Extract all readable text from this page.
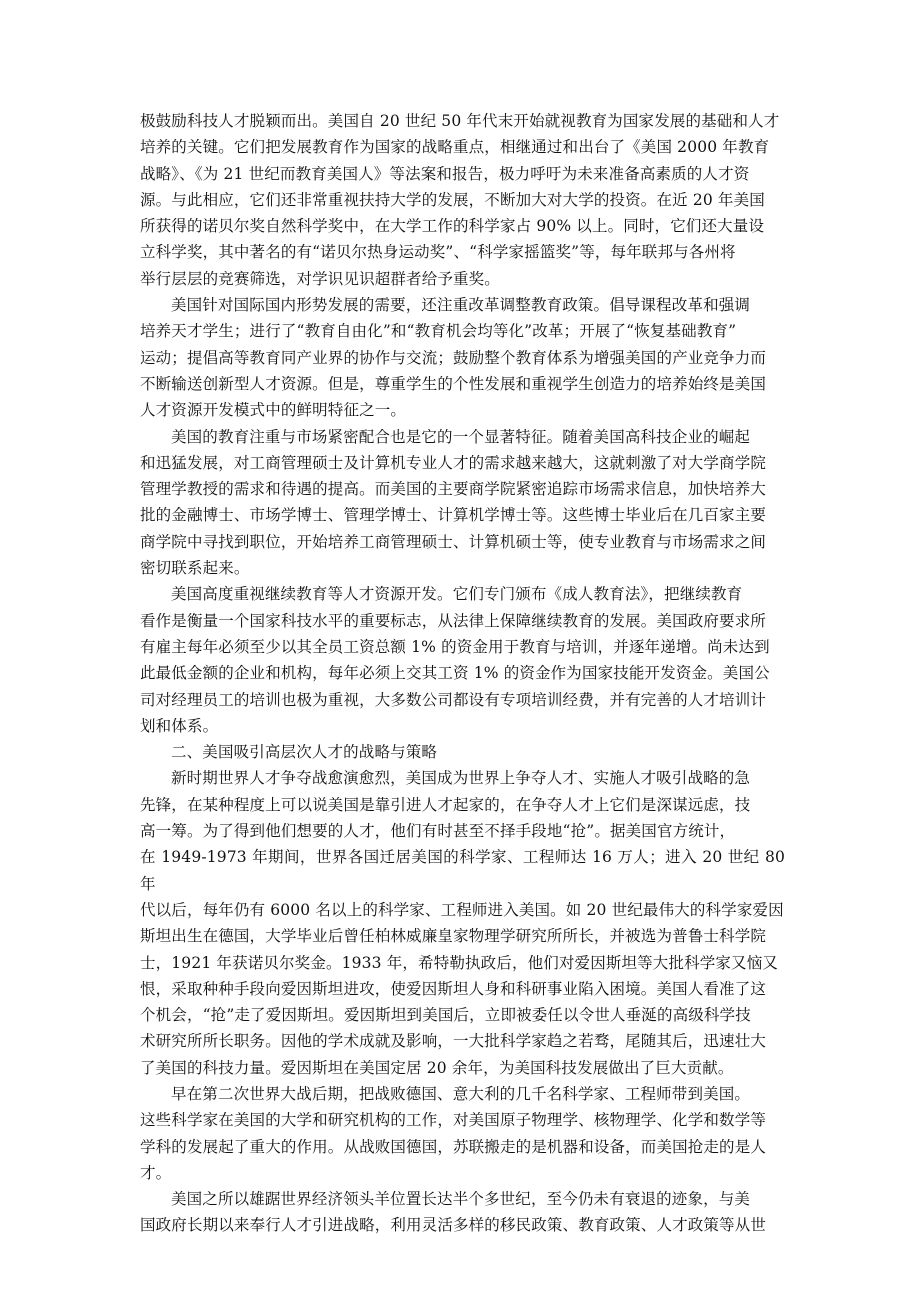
极鼓励科技人才脱颖而出。美国自 20 世纪 50 年代末开始就视教育为国家发展的基础和人才
培养的关键。它们把发展教育作为国家的战略重点，相继通过和出台了《美国 2000 年教育
战略》、《为 21 世纪而教育美国人》等法案和报告，极力呼吁为未来准备高素质的人才资
源。与此相应，它们还非常重视扶持大学的发展，不断加大对大学的投资。在近 20 年美国
所获得的诺贝尔奖自然科学奖中，在大学工作的科学家占 90% 以上。同时，它们还大量设
立科学奖，其中著名的有“诺贝尔热身运动奖”、“科学家摇篮奖”等，每年联邦与各州将
举行层层的竞赛筛选，对学识见识超群者给予重奖。

美国针对国际国内形势发展的需要，还注重改革调整教育政策。倡导课程改革和强调
培养天才学生；进行了“教育自由化”和“教育机会均等化”改革；开展了“恢复基础教育”
运动；提倡高等教育同产业界的协作与交流；鼓励整个教育体系为增强美国的产业竞争力而
不断输送创新型人才资源。但是，尊重学生的个性发展和重视学生创造力的培养始终是美国
人才资源开发模式中的鲜明特征之一。

美国的教育注重与市场紧密配合也是它的一个显著特征。随着美国高科技企业的崛起
和迅猛发展，对工商管理硕士及计算机专业人才的需求越来越大，这就刺激了对大学商学院
管理学教授的需求和待遇的提高。而美国的主要商学院紧密追踪市场需求信息，加快培养大
批的金融博士、市场学博士、管理学博士、计算机学博士等。这些博士毕业后在几百家主要
商学院中寻找到职位，开始培养工商管理硕士、计算机硕士等，使专业教育与市场需求之间
密切联系起来。

美国高度重视继续教育等人才资源开发。它们专门颁布《成人教育法》，把继续教育
看作是衡量一个国家科技水平的重要标志，从法律上保障继续教育的发展。美国政府要求所
有雇主每年必须至少以其全员工资总额 1% 的资金用于教育与培训，并逐年递增。尚未达到
此最低金额的企业和机构，每年必须上交其工资 1% 的资金作为国家技能开发资金。美国公
司对经理员工的培训也极为重视，大多数公司都设有专项培训经费，并有完善的人才培训计
划和体系。

二、美国吸引高层次人才的战略与策略

新时期世界人才争夺战愈演愈烈，美国成为世界上争夺人才、实施人才吸引战略的急
先锋，在某种程度上可以说美国是靠引进人才起家的，在争夺人才上它们是深谋远虑，技
高一筹。为了得到他们想要的人才，他们有时甚至不择手段地“抢”。据美国官方统计，
在 1949-1973 年期间，世界各国迁居美国的科学家、工程师达 16 万人；进入 20 世纪 80 年
代以后，每年仍有 6000 名以上的科学家、工程师进入美国。如 20 世纪最伟大的科学家爱因
斯坦出生在德国，大学毕业后曾任柏林威廉皇家物理学研究所所长，并被选为普鲁士科学院
士，1921 年获诺贝尔奖金。1933 年，希特勒执政后，他们对爱因斯坦等大批科学家又恼又
恨，采取种种手段向爱因斯坦进攻，使爱因斯坦人身和科研事业陷入困境。美国人看准了这
个机会，“抢”走了爱因斯坦。爱因斯坦到美国后，立即被委任以令世人垂涎的高级科学技
术研究所所长职务。因他的学术成就及影响，一大批科学家趋之若骛，尾随其后，迅速壮大
了美国的科技力量。爱因斯坦在美国定居 20 余年，为美国科技发展做出了巨大贡献。

早在第二次世界大战后期，把战败德国、意大利的几千名科学家、工程师带到美国。
这些科学家在美国的大学和研究机构的工作，对美国原子物理学、核物理学、化学和数学等
学科的发展起了重大的作用。从战败国德国，苏联搬走的是机器和设备，而美国抢走的是人
才。

美国之所以雄踞世界经济领头羊位置长达半个多世纪，至今仍未有衰退的迹象，与美
国政府长期以来奉行人才引进战略，利用灵活多样的移民政策、教育政策、人才政策等从世
